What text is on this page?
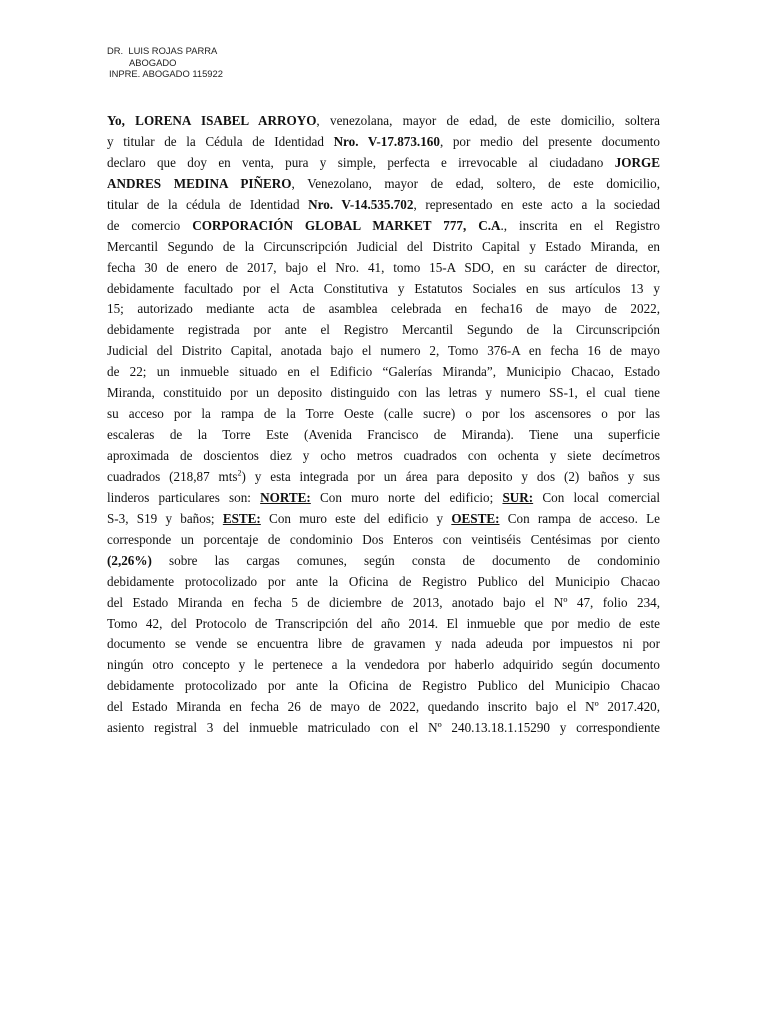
DR.  LUIS ROJAS PARRA
ABOGADO
INPRE. ABOGADO 115922
Yo, LORENA ISABEL ARROYO, venezolana, mayor de edad, de este domicilio, soltera
y titular de la Cédula de Identidad Nro. V-17.873.160, por medio del presente documento
declaro que doy en venta, pura y simple, perfecta e irrevocable al ciudadano JORGE
ANDRES MEDINA PIÑERO, Venezolano, mayor de edad, soltero, de este domicilio,
titular de la cédula de Identidad Nro. V-14.535.702, representado en este acto a la sociedad
de comercio CORPORACIÓN GLOBAL MARKET 777, C.A., inscrita en el Registro
Mercantil Segundo de la Circunscripción Judicial del Distrito Capital y Estado Miranda, en
fecha 30 de enero de 2017, bajo el Nro. 41, tomo 15-A SDO, en su carácter de director,
debidamente facultado por el Acta Constitutiva y Estatutos Sociales en sus artículos 13 y
15; autorizado mediante acta de asamblea celebrada en fecha16 de mayo de 2022,
debidamente registrada por ante el Registro Mercantil Segundo de la Circunscripción
Judicial del Distrito Capital, anotada bajo el numero 2, Tomo 376-A en fecha 16 de mayo
de 22; un inmueble situado en el Edificio “Galerías Miranda”, Municipio Chacao, Estado
Miranda, constituido por un deposito distinguido con las letras y numero SS-1, el cual tiene
su acceso por la rampa de la Torre Oeste (calle sucre) o por los ascensores o por las
escaleras de la Torre Este (Avenida Francisco de Miranda). Tiene una superficie
aproximada de doscientos diez y ocho metros cuadrados con ochenta y siete decímetros
cuadrados (218,87 mts$^2$) y esta integrada por un área para deposito y dos (2) baños y sus
linderos particulares son: NORTE: Con muro norte del edificio; SUR: Con local comercial
S-3, S19 y baños; ESTE: Con muro este del edificio y OESTE: Con rampa de acceso. Le
corresponde un porcentaje de condominio Dos Enteros con veintiséis Centésimas por ciento
(2,26%) sobre las cargas comunes, según consta de documento de condominio
debidamente protocolizado por ante la Oficina de Registro Publico del Municipio Chacao
del Estado Miranda en fecha 5 de diciembre de 2013, anotado bajo el Nº 47, folio 234,
Tomo 42, del Protocolo de Transcripción del año 2014. El inmueble que por medio de este
documento se vende se encuentra libre de gravamen y nada adeuda por impuestos ni por
ningún otro concepto y le pertenece a la vendedora por haberlo adquirido según documento
debidamente protocolizado por ante la Oficina de Registro Publico del Municipio Chacao
del Estado Miranda en fecha 26 de mayo de 2022, quedando inscrito bajo el Nº 2017.420,
asiento registral 3 del inmueble matriculado con el Nº 240.13.18.1.15290 y correspondiente
